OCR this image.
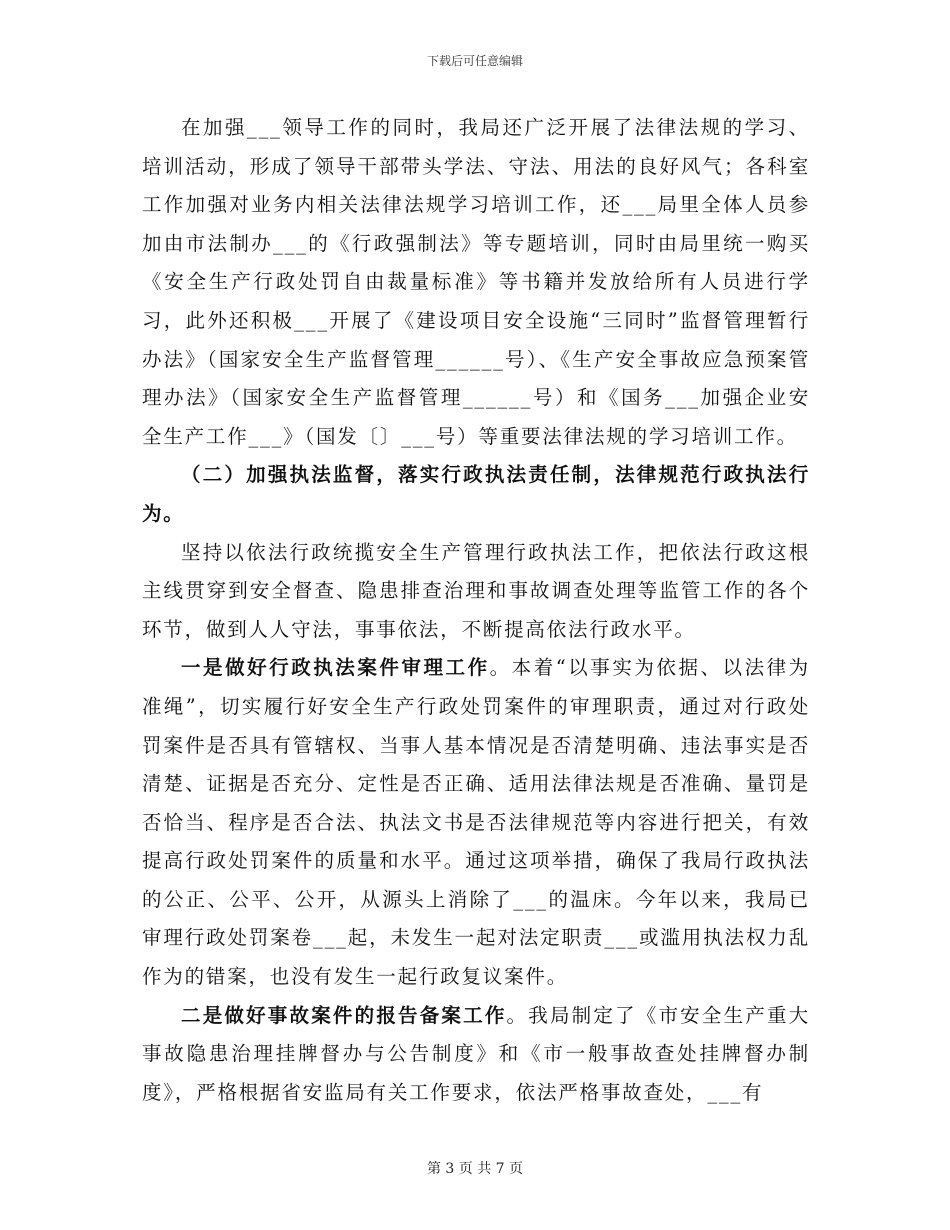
下载后可任意编辑

在加强___领导工作的同时，我局还广泛开展了法律法规的学习、培训活动，形成了领导干部带头学法、守法、用法的良好风气；各科室工作加强对业务内相关法律法规学习培训工作，还___局里全体人员参加由市法制办___的《行政强制法》等专题培训，同时由局里统一购买《安全生产行政处罚自由裁量标准》等书籍并发放给所有人员进行学习，此外还积极___开展了《建设项目安全设施“三同时”监督管理暂行办法》（国家安全生产监督管理______号）、《生产安全事故应急预案管理办法》（国家安全生产监督管理______号）和《国务___加强企业安全生产工作___》（国发〔〕___号）等重要法律法规的学习培训工作。

（二）加强执法监督，落实行政执法责任制，法律规范行政执法行为。

坚持以依法行政统揽安全生产管理行政执法工作，把依法行政这根主线贯穿到安全督查、隐患排查治理和事故调查处理等监管工作的各个环节，做到人人守法，事事依法，不断提高依法行政水平。

一是做好行政执法案件审理工作。本着“以事实为依据、以法律为准绳”，切实履行好安全生产行政处罚案件的审理职责，通过对行政处罚案件是否具有管辖权、当事人基本情况是否清楚明确、违法事实是否清楚、证据是否充分、定性是否正确、适用法律法规是否准确、量罚是否恰当、程序是否合法、执法文书是否法律规范等内容进行把关，有效提高行政处罚案件的质量和水平。通过这项举措，确保了我局行政执法的公正、公平、公开，从源头上消除了___的温床。今年以来，我局已审理行政处罚案卷___起，未发生一起对法定职责___或滥用执法权力乱作为的错案，也没有发生一起行政复议案件。

二是做好事故案件的报告备案工作。我局制定了《市安全生产重大事故隐患治理挂牌督办与公告制度》和《市一般事故查处挂牌督办制度》，严格根据省安监局有关工作要求，依法严格事故查处，___有

第 3 页 共 7 页
